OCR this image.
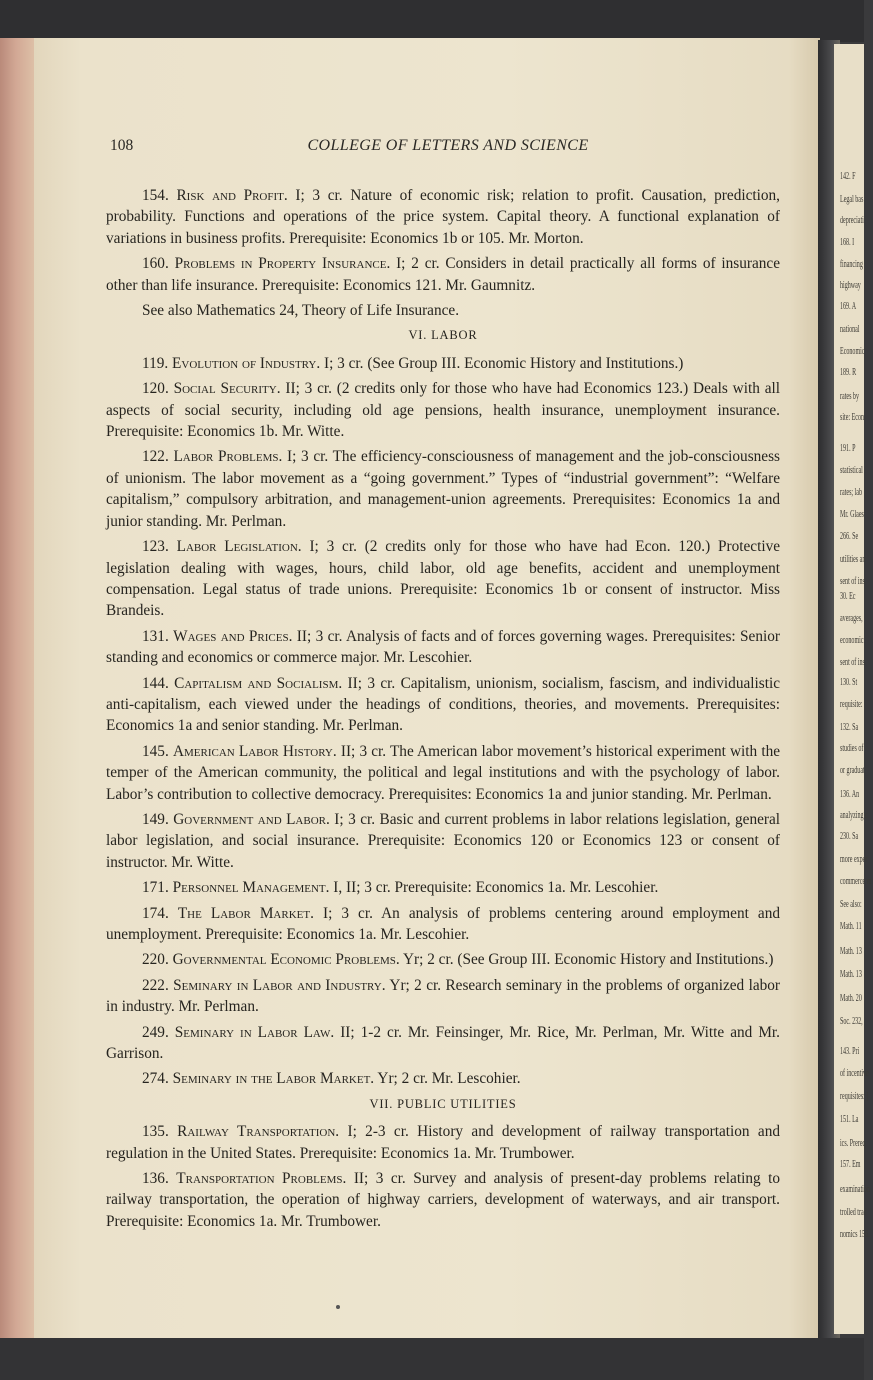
142. F
Legal bas
depreciati
168. I
financing
highway
169. A
national
Economic
189. R
rates by
site: Econ
191. P
statistical
rates; lab
Mr. Glaes
266. Se
utilities an
sent of ins
30. Ec
averages,
economic
sent of ins
130. St
requisite:
132. Sa
studies of
or graduat
136. An
analyzing c
230. Sa
more exper
commerce m
See also:
Math. 11
Math. 13
Math. 13
Math. 20
Soc. 232,
143. Pri
of incentive
requisites: ]
151. La
ics. Prereq
157. Em
examination
trolled trad
nomics 156.
108	COLLEGE OF LETTERS AND SCIENCE

154. Risk and Profit. I; 3 cr. Nature of economic risk; relation to profit. Causation, prediction, probability. Functions and operations of the price system. Capital theory. A functional explanation of variations in business profits. Prerequisite: Economics 1b or 105. Mr. Morton.

160. Problems in Property Insurance. I; 2 cr. Considers in detail practically all forms of insurance other than life insurance. Prerequisite: Economics 121. Mr. Gaumnitz.

See also Mathematics 24, Theory of Life Insurance.

VI. LABOR

119. Evolution of Industry. I; 3 cr. (See Group III. Economic History and Institutions.)

120. Social Security. II; 3 cr. (2 credits only for those who have had Economics 123.) Deals with all aspects of social security, including old age pensions, health insurance, unemployment insurance. Prerequisite: Economics 1b. Mr. Witte.

122. Labor Problems. I; 3 cr. The efficiency-consciousness of management and the job-consciousness of unionism. The labor movement as a “going government.” Types of “industrial government”: “Welfare capitalism,” compulsory arbitration, and management-union agreements. Prerequisites: Economics 1a and junior standing. Mr. Perlman.

123. Labor Legislation. I; 3 cr. (2 credits only for those who have had Econ. 120.) Protective legislation dealing with wages, hours, child labor, old age benefits, accident and unemployment compensation. Legal status of trade unions. Prerequisite: Economics 1b or consent of instructor. Miss Brandeis.

131. Wages and Prices. II; 3 cr. Analysis of facts and of forces governing wages. Prerequisites: Senior standing and economics or commerce major. Mr. Lescohier.

144. Capitalism and Socialism. II; 3 cr. Capitalism, unionism, socialism, fascism, and individualistic anti-capitalism, each viewed under the headings of conditions, theories, and movements. Prerequisites: Economics 1a and senior standing. Mr. Perlman.

145. American Labor History. II; 3 cr. The American labor movement’s historical experiment with the temper of the American community, the political and legal institutions and with the psychology of labor. Labor’s contribution to collective democracy. Prerequisites: Economics 1a and junior standing. Mr. Perlman.

149. Government and Labor. I; 3 cr. Basic and current problems in labor relations legislation, general labor legislation, and social insurance. Prerequisite: Economics 120 or Economics 123 or consent of instructor. Mr. Witte.

171. Personnel Management. I, II; 3 cr. Prerequisite: Economics 1a. Mr. Lescohier.

174. The Labor Market. I; 3 cr. An analysis of problems centering around employment and unemployment. Prerequisite: Economics 1a. Mr. Lescohier.

220. Governmental Economic Problems. Yr; 2 cr. (See Group III. Economic History and Institutions.)

222. Seminary in Labor and Industry. Yr; 2 cr. Research seminary in the problems of organized labor in industry. Mr. Perlman.

249. Seminary in Labor Law. II; 1-2 cr. Mr. Feinsinger, Mr. Rice, Mr. Perlman, Mr. Witte and Mr. Garrison.

274. Seminary in the Labor Market. Yr; 2 cr. Mr. Lescohier.

VII. PUBLIC UTILITIES

135. Railway Transportation. I; 2-3 cr. History and development of railway transportation and regulation in the United States. Prerequisite: Economics 1a. Mr. Trumbower.

136. Transportation Problems. II; 3 cr. Survey and analysis of present-day problems relating to railway transportation, the operation of highway carriers, development of waterways, and air transport. Prerequisite: Economics 1a. Mr. Trumbower.
